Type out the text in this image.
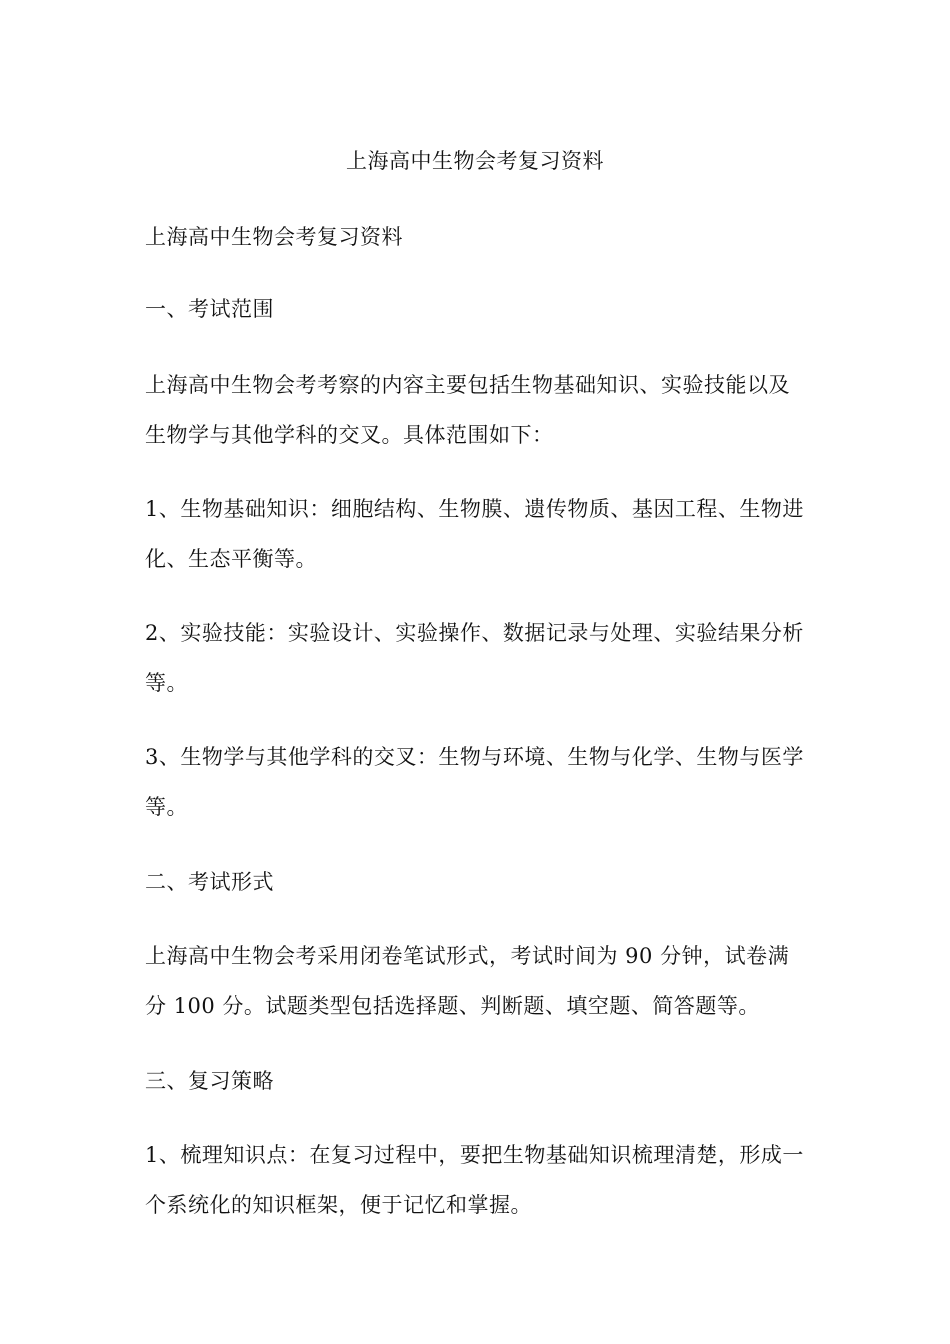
上海高中生物会考复习资料

上海高中生物会考复习资料

一、考试范围

上海高中生物会考考察的内容主要包括生物基础知识、实验技能以及生物学与其他学科的交叉。具体范围如下：

1、生物基础知识：细胞结构、生物膜、遗传物质、基因工程、生物进化、生态平衡等。

2、实验技能：实验设计、实验操作、数据记录与处理、实验结果分析等。

3、生物学与其他学科的交叉：生物与环境、生物与化学、生物与医学等。

二、考试形式

上海高中生物会考采用闭卷笔试形式，考试时间为 90 分钟，试卷满分 100 分。试题类型包括选择题、判断题、填空题、简答题等。

三、复习策略

1、梳理知识点：在复习过程中，要把生物基础知识梳理清楚，形成一个系统化的知识框架，便于记忆和掌握。
